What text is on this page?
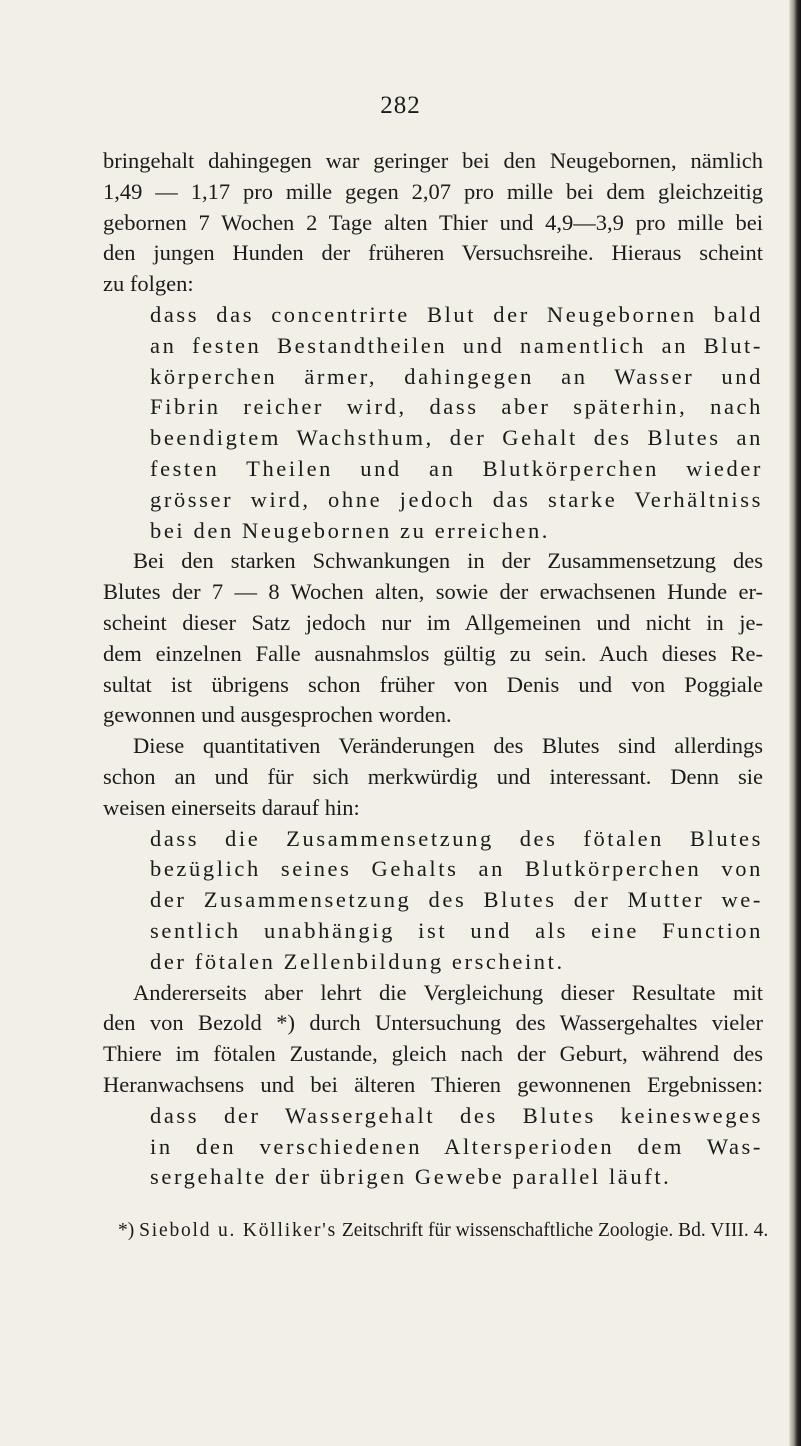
282
bringehalt dahingegen war geringer bei den Neugebornen, nämlich
1,49 — 1,17 pro mille gegen 2,07 pro mille bei dem gleichzeitig
gebornen 7 Wochen 2 Tage alten Thier und 4,9—3,9 pro mille bei
den jungen Hunden der früheren Versuchsreihe. Hieraus scheint
zu folgen:
dass das concentrirte Blut der Neugebornen bald
an festen Bestandtheilen und namentlich an Blut-
körperchen ärmer, dahingegen an Wasser und
Fibrin reicher wird, dass aber späterhin, nach
beendigtem Wachsthum, der Gehalt des Blutes an
festen Theilen und an Blutkörperchen wieder
grösser wird, ohne jedoch das starke Verhältniss
bei den Neugebornen zu erreichen.
Bei den starken Schwankungen in der Zusammensetzung des
Blutes der 7 — 8 Wochen alten, sowie der erwachsenen Hunde er-
scheint dieser Satz jedoch nur im Allgemeinen und nicht in je-
dem einzelnen Falle ausnahmslos gültig zu sein. Auch dieses Re-
sultat ist übrigens schon früher von Denis und von Poggiale
gewonnen und ausgesprochen worden.
Diese quantitativen Veränderungen des Blutes sind allerdings
schon an und für sich merkwürdig und interessant. Denn sie
weisen einerseits darauf hin:
dass die Zusammensetzung des fötalen Blutes
bezüglich seines Gehalts an Blutkörperchen von
der Zusammensetzung des Blutes der Mutter we-
sentlich unabhängig ist und als eine Function
der fötalen Zellenbildung erscheint.
Andererseits aber lehrt die Vergleichung dieser Resultate mit
den von Bezold *) durch Untersuchung des Wassergehaltes vieler
Thiere im fötalen Zustande, gleich nach der Geburt, während des
Heranwachsens und bei älteren Thieren gewonnenen Ergebnissen:
dass der Wassergehalt des Blutes keinesweges
in den verschiedenen Altersperioden dem Was-
sergehalte der übrigen Gewebe parallel läuft.
*) Siebold u. Kölliker's Zeitschrift für wissenschaftliche Zoologie. Bd. VIII. 4.
